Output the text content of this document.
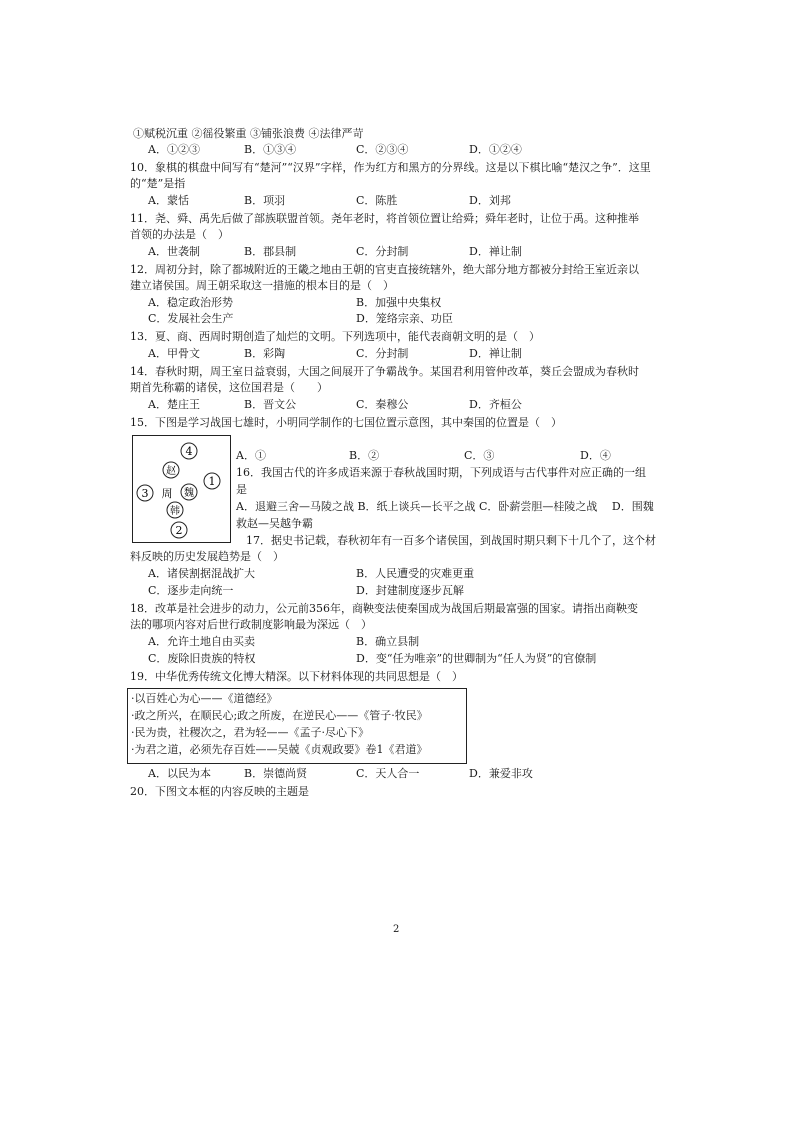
①赋税沉重 ②徭役繁重 ③铺张浪费 ④法律严苛
A．①②③	B．①③④	C．②③④	D．①②④
10．象棋的棋盘中间写有“楚河”“汉界”字样，作为红方和黑方的分界线。这是以下棋比喻“楚汉之争”．这里
的“楚”是指
A．蒙恬	B．项羽	C．陈胜	D．刘邦
11．尧、舜、禹先后做了部族联盟首领。尧年老时，将首领位置让给舜；舜年老时，让位于禹。这种推举
首领的办法是（　）
A．世袭制	B．郡县制	C．分封制	D．禅让制
12．周初分封，除了都城附近的王畿之地由王朝的官吏直接统辖外，绝大部分地方都被分封给王室近亲以
建立诸侯国。周王朝采取这一措施的根本目的是（　）
A．稳定政治形势	B．加强中央集权
C．发展社会生产	D．笼络宗亲、功臣
13．夏、商、西周时期创造了灿烂的文明。下列选项中，能代表商朝文明的是（　）
A．甲骨文	B．彩陶	C．分封制	D．禅让制
14．春秋时期，周王室日益衰弱，大国之间展开了争霸战争。某国君利用管仲改革，葵丘会盟成为春秋时
期首先称霸的诸侯，这位国君是（　　）
A．楚庄王	B．晋文公	C．秦穆公	D．齐桓公
15．下图是学习战国七雄时，小明同学制作的七国位置示意图，其中秦国的位置是（　）
4
赵
魏
1
3 周
韩
2
A．①	B．②	C．③	D．④
16．我国古代的许多成语来源于春秋战国时期，下列成语与古代事件对应正确的一组
是
A．退避三舍—马陵之战 B．纸上谈兵—长平之战 C．卧薪尝胆—桂陵之战　 D．围魏
救赵—吴越争霸
17．据史书记载，春秋初年有一百多个诸侯国，到战国时期只剩下十几个了，这个材
料反映的历史发展趋势是（　）
A．诸侯割据混战扩大	B．人民遭受的灾难更重
C．逐步走向统一	D．封建制度逐步瓦解
18．改革是社会进步的动力，公元前356年，商鞅变法使秦国成为战国后期最富强的国家。请指出商鞅变
法的哪项内容对后世行政制度影响最为深远（　）
A．允许土地自由买卖	B．确立县制
C．废除旧贵族的特权	D．变“任为唯亲”的世卿制为“任人为贤”的官僚制
19．中华优秀传统文化博大精深。以下材料体现的共同思想是（　）
·以百姓心为心——《道德经》
·政之所兴，在顺民心;政之所废，在逆民心——《管子·牧民》
·民为贵，社稷次之，君为轻——《孟子·尽心下》
·为君之道，必须先存百姓——吴兢《贞观政要》卷1《君道》
A．以民为本	B．崇德尚贤	C．天人合一	D．兼爱非攻
20．下图文本框的内容反映的主题是
2
